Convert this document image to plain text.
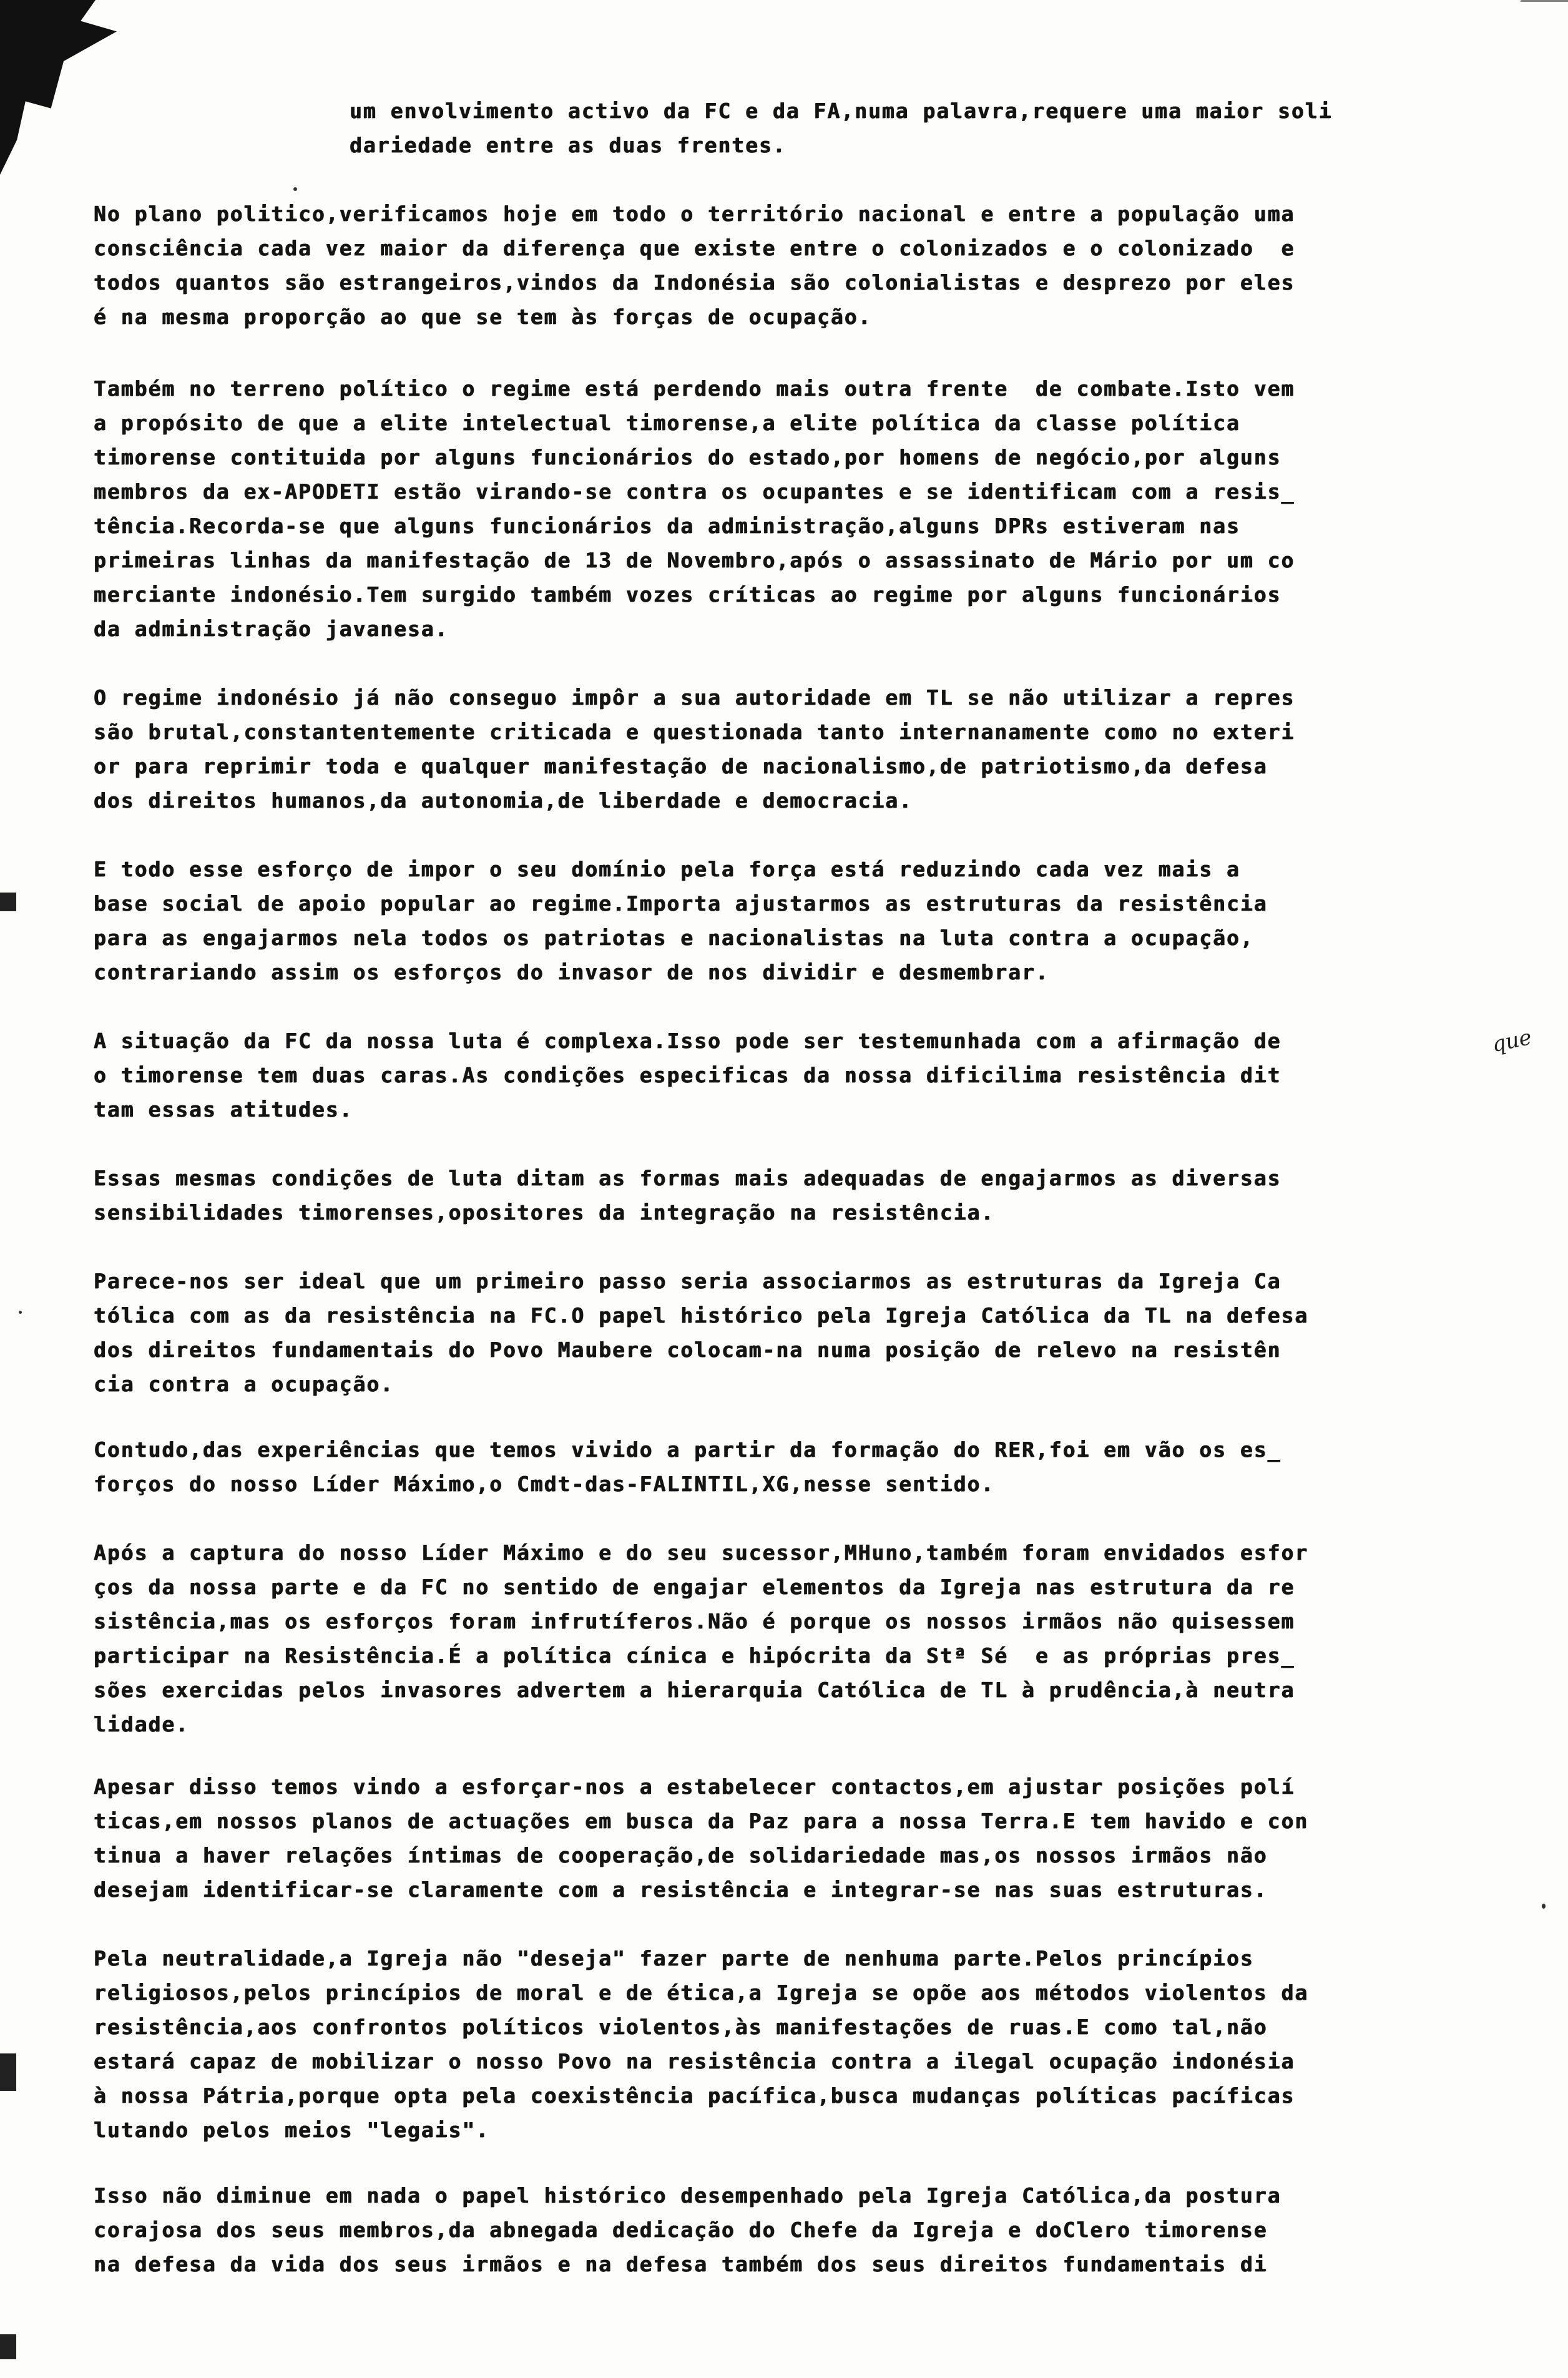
um envolvimento activo da FC e da FA,numa palavra,requere uma maior soli
dariedade entre as duas frentes.
No plano politico,verificamos hoje em todo o território nacional e entre a população uma
consciência cada vez maior da diferença que existe entre o colonizados e o colonizado  e
todos quantos são estrangeiros,vindos da Indonésia são colonialistas e desprezo por eles
é na mesma proporção ao que se tem às forças de ocupação.
Também no terreno político o regime está perdendo mais outra frente  de combate.Isto vem
a propósito de que a elite intelectual timorense,a elite política da classe política
timorense contituida por alguns funcionários do estado,por homens de negócio,por alguns
membros da ex-APODETI estão virando-se contra os ocupantes e se identificam com a resis_
tência.Recorda-se que alguns funcionários da administração,alguns DPRs estiveram nas
primeiras linhas da manifestação de 13 de Novembro,após o assassinato de Mário por um co
merciante indonésio.Tem surgido também vozes críticas ao regime por alguns funcionários
da administração javanesa.
O regime indonésio já não conseguo impôr a sua autoridade em TL se não utilizar a repres
são brutal,constantentemente criticada e questionada tanto internanamente como no exteri
or para reprimir toda e qualquer manifestação de nacionalismo,de patriotismo,da defesa
dos direitos humanos,da autonomia,de liberdade e democracia.
E todo esse esforço de impor o seu domínio pela força está reduzindo cada vez mais a
base social de apoio popular ao regime.Importa ajustarmos as estruturas da resistência
para as engajarmos nela todos os patriotas e nacionalistas na luta contra a ocupação,
contrariando assim os esforços do invasor de nos dividir e desmembrar.
A situação da FC da nossa luta é complexa.Isso pode ser testemunhada com a afirmação de
o timorense tem duas caras.As condições especificas da nossa dificilima resistência dit
tam essas atitudes.
que
Essas mesmas condições de luta ditam as formas mais adequadas de engajarmos as diversas
sensibilidades timorenses,opositores da integração na resistência.
Parece-nos ser ideal que um primeiro passo seria associarmos as estruturas da Igreja Ca
tólica com as da resistência na FC.O papel histórico pela Igreja Católica da TL na defesa
dos direitos fundamentais do Povo Maubere colocam-na numa posição de relevo na resistên
cia contra a ocupação.
Contudo,das experiências que temos vivido a partir da formação do RER,foi em vão os es_
forços do nosso Líder Máximo,o Cmdt-das-FALINTIL,XG,nesse sentido.
Após a captura do nosso Líder Máximo e do seu sucessor,MHuno,também foram envidados esfor
ços da nossa parte e da FC no sentido de engajar elementos da Igreja nas estrutura da re
sistência,mas os esforços foram infrutíferos.Não é porque os nossos irmãos não quisessem
participar na Resistência.É a política cínica e hipócrita da Stª Sé  e as próprias pres_
sões exercidas pelos invasores advertem a hierarquia Católica de TL à prudência,à neutra
lidade.
Apesar disso temos vindo a esforçar-nos a estabelecer contactos,em ajustar posições polí
ticas,em nossos planos de actuações em busca da Paz para a nossa Terra.E tem havido e con
tinua a haver relações íntimas de cooperação,de solidariedade mas,os nossos irmãos não
desejam identificar-se claramente com a resistência e integrar-se nas suas estruturas.
Pela neutralidade,a Igreja não "deseja" fazer parte de nenhuma parte.Pelos princípios
religiosos,pelos princípios de moral e de ética,a Igreja se opõe aos métodos violentos da
resistência,aos confrontos políticos violentos,às manifestações de ruas.E como tal,não
estará capaz de mobilizar o nosso Povo na resistência contra a ilegal ocupação indonésia
à nossa Pátria,porque opta pela coexistência pacífica,busca mudanças políticas pacíficas
lutando pelos meios "legais".
Isso não diminue em nada o papel histórico desempenhado pela Igreja Católica,da postura
corajosa dos seus membros,da abnegada dedicação do Chefe da Igreja e doClero timorense
na defesa da vida dos seus irmãos e na defesa também dos seus direitos fundamentais di
